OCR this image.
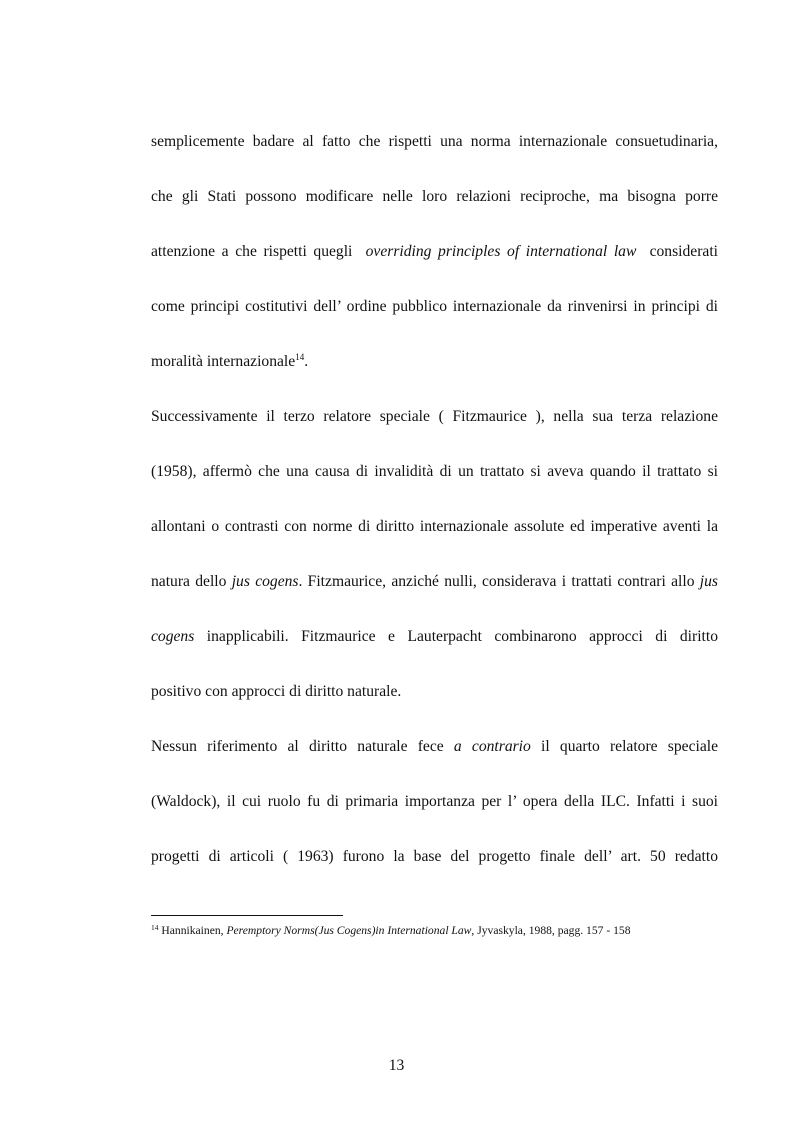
semplicemente badare al fatto che rispetti una norma internazionale consuetudinaria,
che gli Stati possono modificare nelle loro relazioni reciproche, ma bisogna porre
attenzione a che rispetti quegli overriding principles of international law considerati
come principi costitutivi dell’ ordine pubblico internazionale da rinvenirsi in principi di
moralità internazionale$^{14}$.
Successivamente il terzo relatore speciale ( Fitzmaurice ), nella sua terza relazione
(1958), affermò che una causa di invalidità di un trattato si aveva quando il trattato si
allontani o contrasti con norme di diritto internazionale assolute ed imperative aventi la
natura dello jus cogens. Fitzmaurice, anziché nulli, considerava i trattati contrari allo jus
cogens inapplicabili. Fitzmaurice e Lauterpacht combinarono approcci di diritto
positivo con approcci di diritto naturale.
Nessun riferimento al diritto naturale fece a contrario il quarto relatore speciale
(Waldock), il cui ruolo fu di primaria importanza per l’ opera della ILC. Infatti i suoi
progetti di articoli ( 1963) furono la base del progetto finale dell’ art. 50 redatto
$^{14}$ Hannikainen, Peremptory Norms(Jus Cogens)in International Law, Jyvaskyla, 1988, pagg. 157 - 158
13
